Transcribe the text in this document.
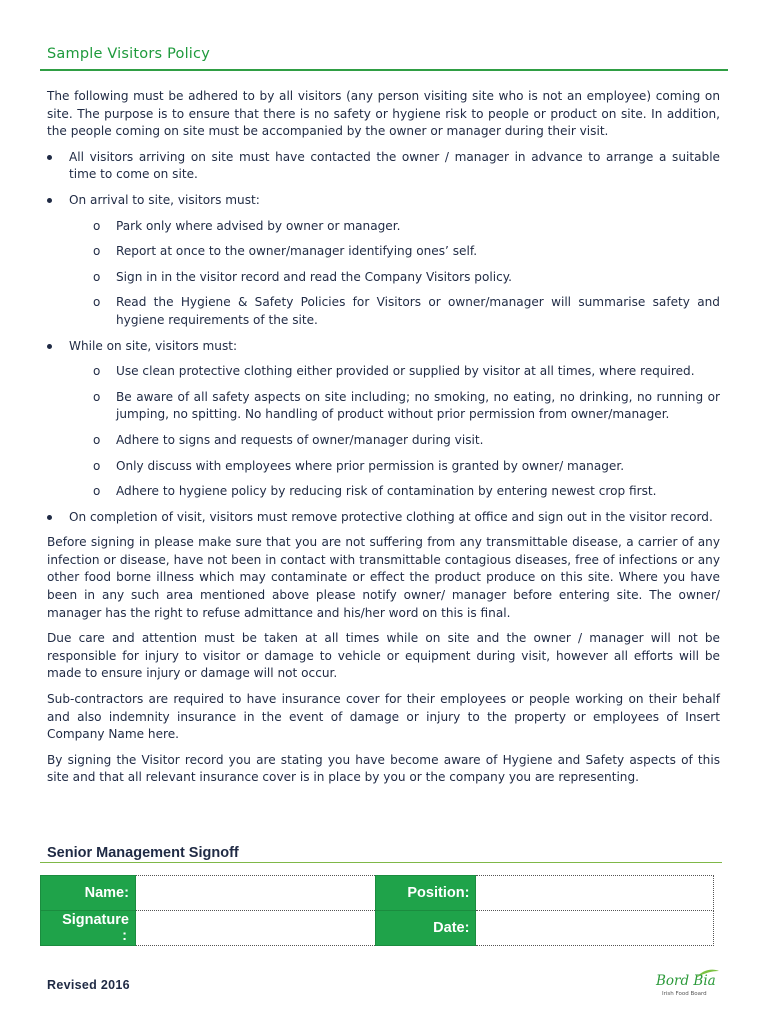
Sample Visitors Policy

The following must be adhered to by all visitors (any person visiting site who is not an employee) coming on site. The purpose is to ensure that there is no safety or hygiene risk to people or product on site. In addition, the people coming on site must be accompanied by the owner or manager during their visit.

All visitors arriving on site must have contacted the owner / manager in advance to arrange a suitable time to come on site.
On arrival to site, visitors must:
o Park only where advised by owner or manager.
o Report at once to the owner/manager identifying ones’ self.
o Sign in in the visitor record and read the Company Visitors policy.
o Read the Hygiene & Safety Policies for Visitors or owner/manager will summarise safety and hygiene requirements of the site.
While on site, visitors must:
o Use clean protective clothing either provided or supplied by visitor at all times, where required.
o Be aware of all safety aspects on site including; no smoking, no eating, no drinking, no running or jumping, no spitting. No handling of product without prior permission from owner/manager.
o Adhere to signs and requests of owner/manager during visit.
o Only discuss with employees where prior permission is granted by owner/ manager.
o Adhere to hygiene policy by reducing risk of contamination by entering newest crop first.
On completion of visit, visitors must remove protective clothing at office and sign out in the visitor record.

Before signing in please make sure that you are not suffering from any transmittable disease, a carrier of any infection or disease, have not been in contact with transmittable contagious diseases, free of infections or any other food borne illness which may contaminate or effect the product produce on this site. Where you have been in any such area mentioned above please notify owner/ manager before entering site. The owner/ manager has the right to refuse admittance and his/her word on this is final.

Due care and attention must be taken at all times while on site and the owner / manager will not be responsible for injury to visitor or damage to vehicle or equipment during visit, however all efforts will be made to ensure injury or damage will not occur.

Sub-contractors are required to have insurance cover for their employees or people working on their behalf and also indemnity insurance in the event of damage or injury to the property or employees of Insert Company Name here.

By signing the Visitor record you are stating you have become aware of Hygiene and Safety aspects of this site and that all relevant insurance cover is in place by you or the company you are representing.

Senior Management Signoff
Name:		Position:	
Signature
:		Date:	
Revised 2016	Bord Bia
Irish Food Board
